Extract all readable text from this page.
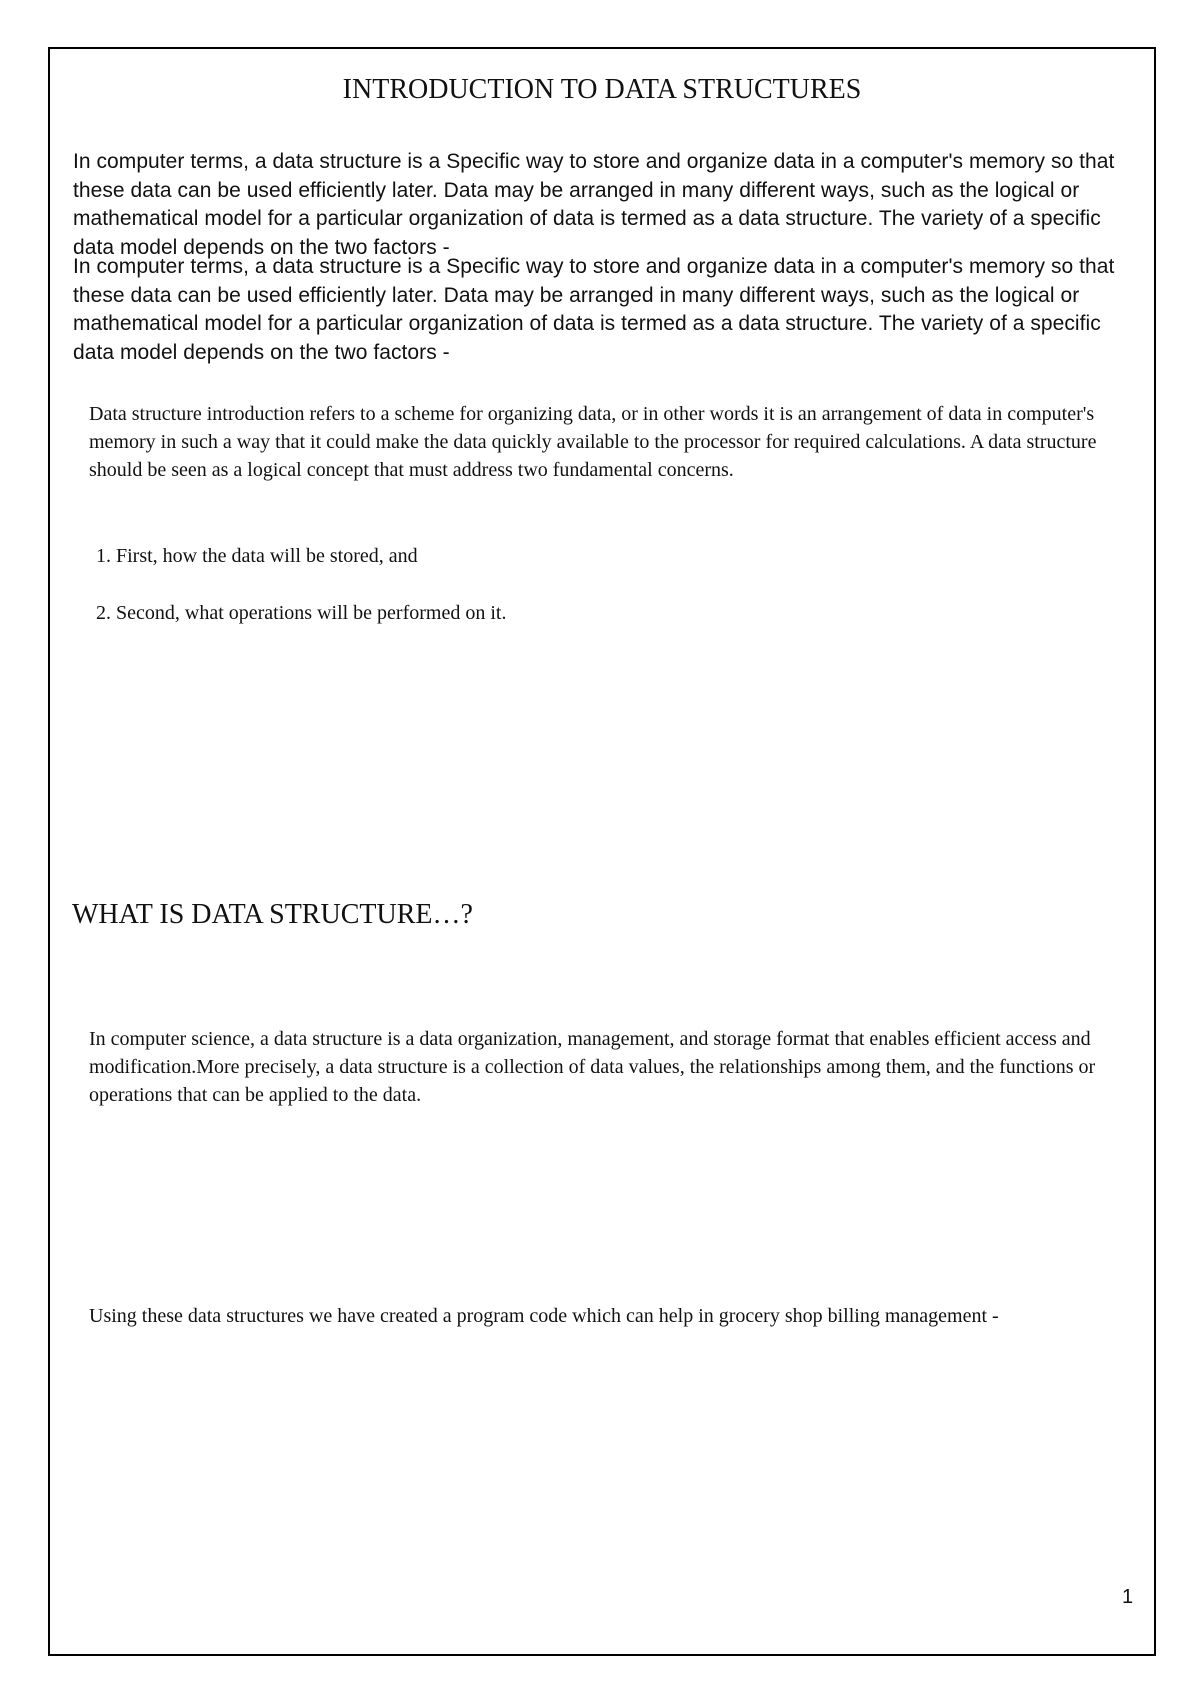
INTRODUCTION TO DATA STRUCTURES

In computer terms, a data structure is a Specific way to store and organize data in a computer's memory so that these data can be used efficiently later. Data may be arranged in many different ways, such as the logical or mathematical model for a particular organization of data is termed as a data structure. The variety of a specific data model depends on the two factors -

In computer terms, a data structure is a Specific way to store and organize data in a computer's memory so that these data can be used efficiently later. Data may be arranged in many different ways, such as the logical or mathematical model for a particular organization of data is termed as a data structure. The variety of a specific data model depends on the two factors -

Data structure introduction refers to a scheme for organizing data, or in other words it is an arrangement of data in computer's memory in such a way that it could make the data quickly available to the processor for required calculations. A data structure should be seen as a logical concept that must address two fundamental concerns.

1. First, how the data will be stored, and

2. Second, what operations will be performed on it.

WHAT IS DATA STRUCTURE…?

In computer science, a data structure is a data organization, management, and storage format that enables efficient access and modification.More precisely, a data structure is a collection of data values, the relationships among them, and the functions or operations that can be applied to the data.

Using these data structures we have created a program code which can help in grocery shop billing management -

1
